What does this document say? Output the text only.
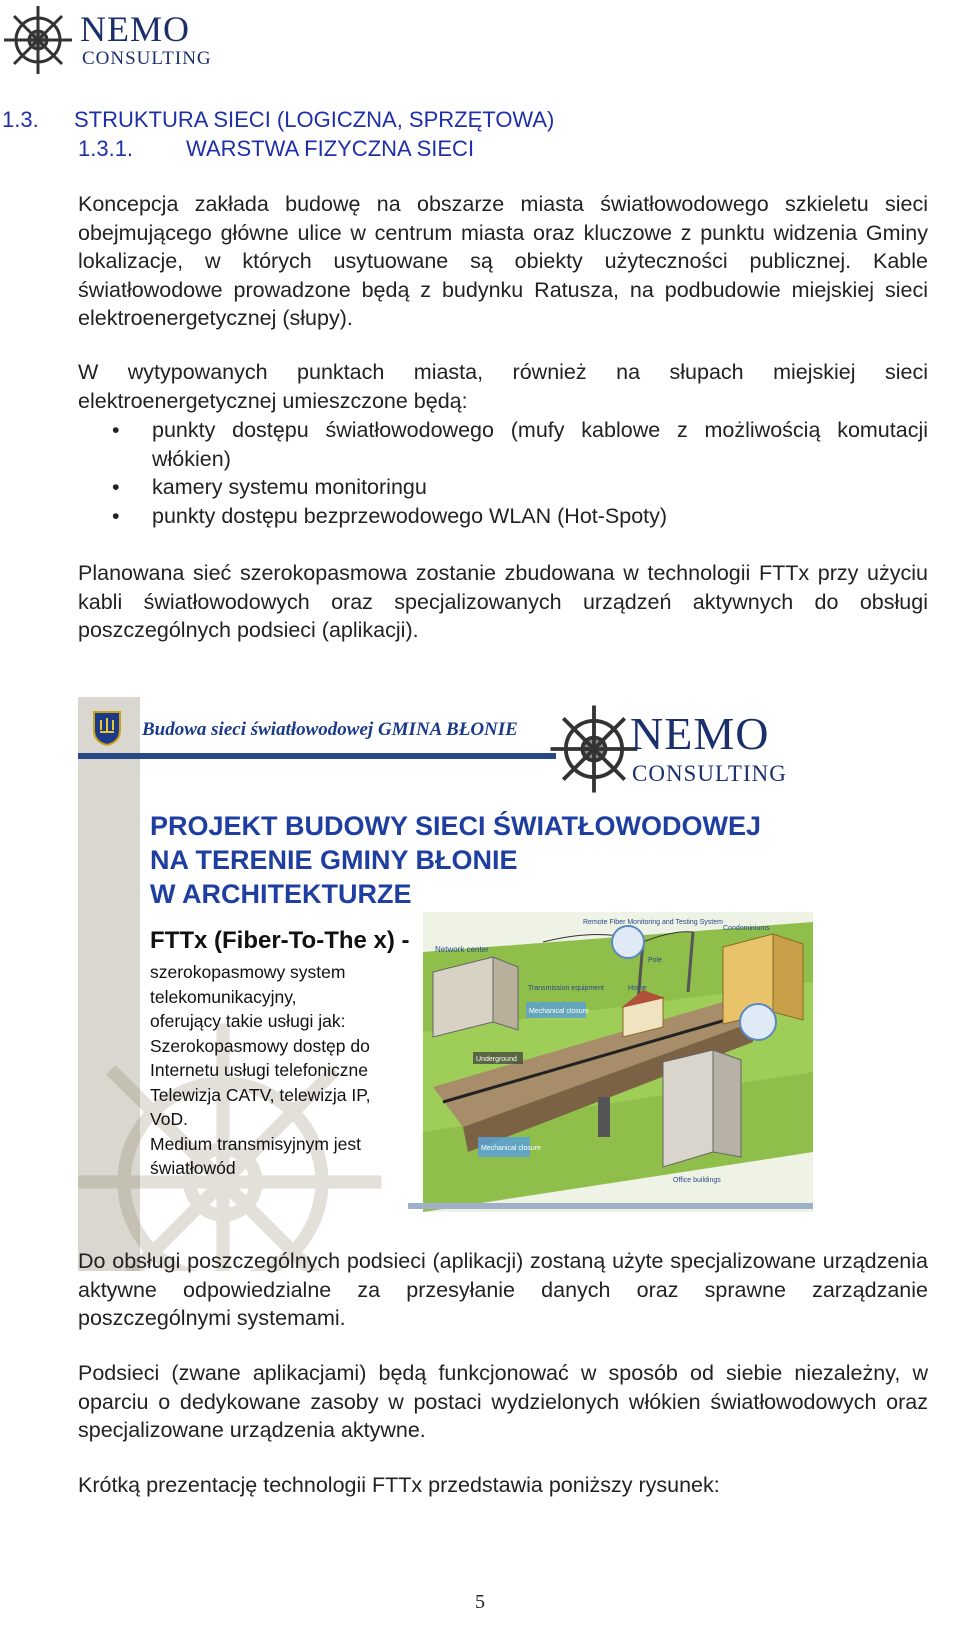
NEMO
CONSULTING
1.3. STRUKTURA SIECI (LOGICZNA, SPRZĘTOWA)
1.3.1. WARSTWA FIZYCZNA SIECI
Koncepcja zakłada budowę na obszarze miasta światłowodowego szkieletu sieci obejmującego główne ulice w centrum miasta oraz kluczowe z punktu widzenia Gminy lokalizacje, w których usytuowane są obiekty użyteczności publicznej. Kable światłowodowe prowadzone będą z budynku Ratusza, na podbudowie miejskiej sieci elektroenergetycznej (słupy).
W wytypowanych punktach miasta, również na słupach miejskiej sieci elektroenergetycznej umieszczone będą:
• punkty dostępu światłowodowego (mufy kablowe z możliwością komutacji włókien)
• kamery systemu monitoringu
• punkty dostępu bezprzewodowego WLAN (Hot-Spoty)
Planowana sieć szerokopasmowa zostanie zbudowana w technologii FTTx przy użyciu kabli światłowodowych oraz specjalizowanych urządzeń aktywnych do obsługi poszczególnych podsieci (aplikacji).
Budowa sieci światłowodowej GMINA BŁONIE NEMO
CONSULTING
PROJEKT BUDOWY SIECI ŚWIATŁOWODOWEJ
NA TERENIE GMINY BŁONIE
W ARCHITEKTURZE
FTTx (Fiber-To-The x) -
szerokopasmowy system
telekomunikacyjny,
oferujący takie usługi jak:
Szerokopasmowy dostęp do
Internetu usługi telefoniczne
Telewizja CATV, telewizja IP,
VoD.
Medium transmisyjnym jest
światłowód
Network center
Remote Fiber Monitoring and Testing System
Transmission equipment
Mechanical closure
Pole
Condominiums
Home
Office buildings
Underground
Mechanical closure
Do obsługi poszczególnych podsieci (aplikacji) zostaną użyte specjalizowane urządzenia aktywne odpowiedzialne za przesyłanie danych oraz sprawne zarządzanie poszczególnymi systemami.
Podsieci (zwane aplikacjami) będą funkcjonować w sposób od siebie niezależny, w oparciu o dedykowane zasoby w postaci wydzielonych włókien światłowodowych oraz specjalizowane urządzenia aktywne.
Krótką prezentację technologii FTTx przedstawia poniższy rysunek:
5
